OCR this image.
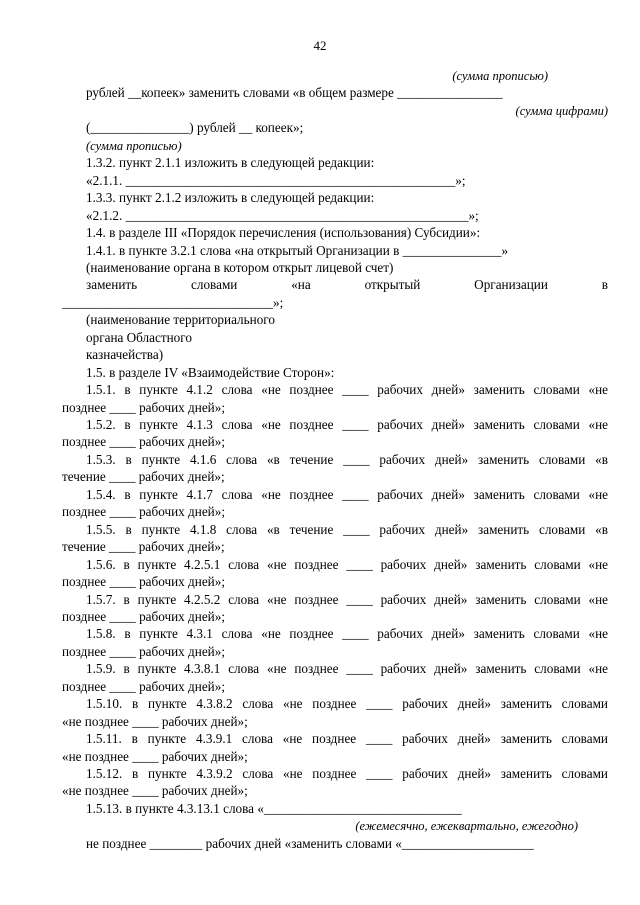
42
(сумма прописью)
рублей __копеек» заменить словами «в общем размере ________________
(сумма цифрами)
(_______________) рублей __ копеек»;
(сумма прописью)
1.3.2. пункт 2.1.1 изложить в следующей редакции:
«2.1.1. __________________________________________________»;
1.3.3. пункт 2.1.2 изложить в следующей редакции:
«2.1.2. ____________________________________________________»;
1.4. в разделе III «Порядок перечисления (использования) Субсидии»:
1.4.1. в пункте 3.2.1 слова «на открытый Организации в _______________»
(наименование органа в котором открыт лицевой счет)
заменить словами «на открытый Организации в
________________________________»;
(наименование территориального
органа Областного
казначейства)
1.5. в разделе IV «Взаимодействие Сторон»:
1.5.1. в пункте 4.1.2 слова «не позднее ____ рабочих дней» заменить словами «не
позднее ____ рабочих дней»;
1.5.2. в пункте 4.1.3 слова «не позднее ____ рабочих дней» заменить словами «не
позднее ____ рабочих дней»;
1.5.3. в пункте 4.1.6 слова «в течение ____ рабочих дней» заменить словами «в
течение ____ рабочих дней»;
1.5.4. в пункте 4.1.7 слова «не позднее ____ рабочих дней» заменить словами «не
позднее ____ рабочих дней»;
1.5.5. в пункте 4.1.8 слова «в течение ____ рабочих дней» заменить словами «в
течение ____ рабочих дней»;
1.5.6. в пункте 4.2.5.1 слова «не позднее ____ рабочих дней» заменить словами «не
позднее ____ рабочих дней»;
1.5.7. в пункте 4.2.5.2 слова «не позднее ____ рабочих дней» заменить словами «не
позднее ____ рабочих дней»;
1.5.8. в пункте 4.3.1 слова «не позднее ____ рабочих дней» заменить словами «не
позднее ____ рабочих дней»;
1.5.9. в пункте 4.3.8.1 слова «не позднее ____ рабочих дней» заменить словами «не
позднее ____ рабочих дней»;
1.5.10. в пункте 4.3.8.2 слова «не позднее ____ рабочих дней» заменить словами
«не позднее ____ рабочих дней»;
1.5.11. в пункте 4.3.9.1 слова «не позднее ____ рабочих дней» заменить словами
«не позднее ____ рабочих дней»;
1.5.12. в пункте 4.3.9.2 слова «не позднее ____ рабочих дней» заменить словами
«не позднее ____ рабочих дней»;
1.5.13. в пункте 4.3.13.1 слова «______________________________
(ежемесячно, ежеквартально, ежегодно)
не позднее ________ рабочих дней «заменить словами «____________________
